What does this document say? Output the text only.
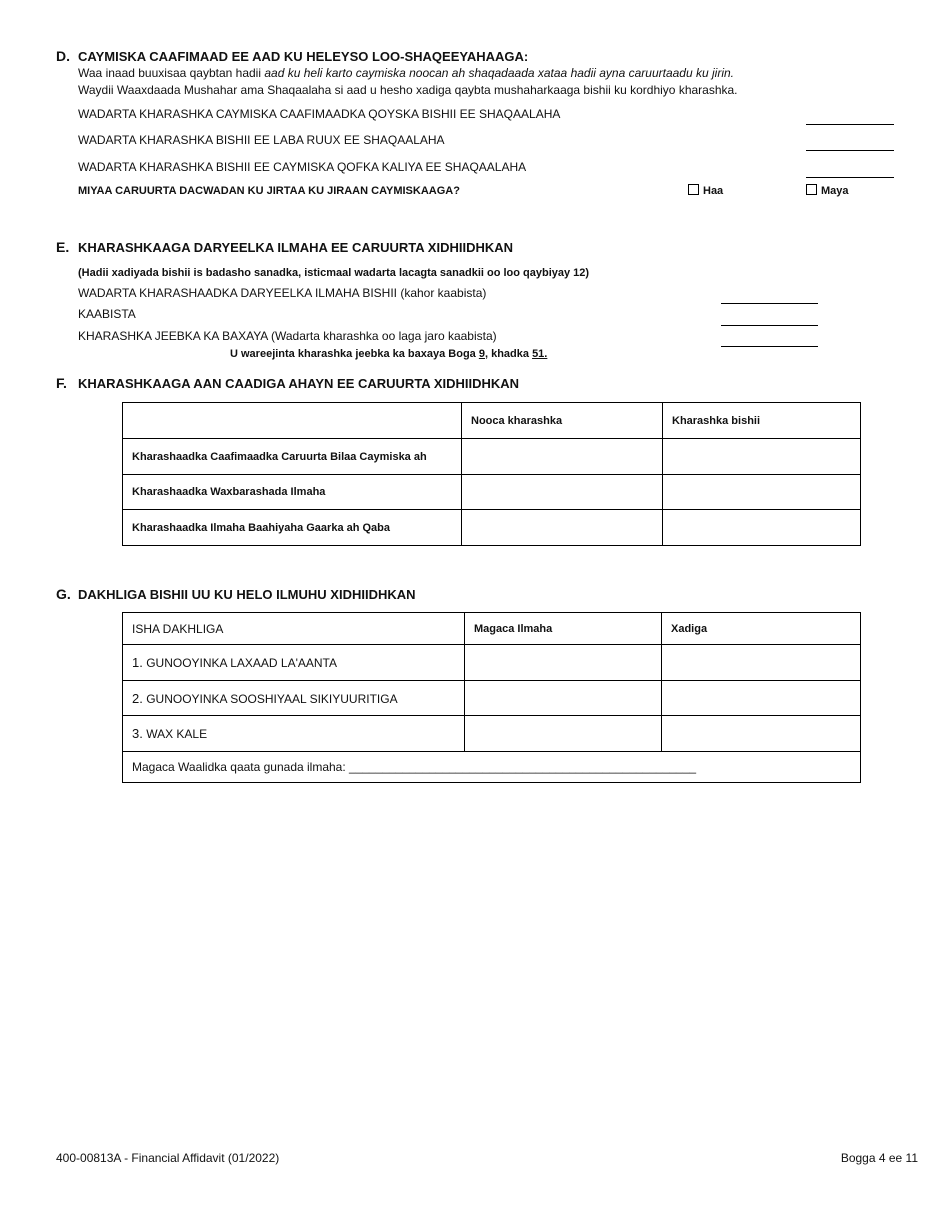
D. CAYMISKA CAAFIMAAD EE AAD KU HELEYSO LOO-SHAQEEYAHAAGA:
Waa inaad buuxisaa qaybtan hadii aad ku heli karto caymiska noocan ah shaqadaada xataa hadii ayna caruurtaadu ku jirin.
Waydii Waaxdaada Mushahar ama Shaqaalaha si aad u hesho xadiga qaybta mushaharkaaga bishii ku kordhiyo kharashka.
WADARTA KHARASHKA CAYMISKA CAAFIMAADKA QOYSKA BISHII EE SHAQAALAHA
WADARTA KHARASHKA BISHII EE LABA RUUX EE SHAQAALAHA
WADARTA KHARASHKA BISHII EE CAYMISKA QOFKA KALIYA EE SHAQAALAHA
MIYAA CARUURTA DACWADAN KU JIRTAA KU JIRAAN CAYMISKAAGA?	Haa	Maya
E. KHARASHKAAGA DARYEELKA ILMAHA EE CARUURTA XIDHIIDHKAN
(Hadii xadiyada bishii is badasho sanadka, isticmaal wadarta lacagta sanadkii oo loo qaybiyay 12)
WADARTA KHARASHAADKA DARYEELKA ILMAHA BISHII (kahor kaabista)
KAABISTA
KHARASHKA JEEBKA KA BAXAYA (Wadarta kharashka oo laga jaro kaabista)
U wareejinta kharashka jeebka ka baxaya Boga 9, khadka 51.
F. KHARASHKAAGA AAN CAADIGA AHAYN EE CARUURTA XIDHIIDHKAN
	Nooca kharashka	Kharashka bishii
Kharashaadka Caafimaadka Caruurta Bilaa Caymiska ah		
Kharashaadka Waxbarashada Ilmaha		
Kharashaadka Ilmaha Baahiyaha Gaarka ah Qaba		
G. DAKHLIGA BISHII UU KU HELO ILMUHU XIDHIIDHKAN
ISHA DAKHLIGA	Magaca Ilmaha	Xadiga
1. GUNOOYINKA LAXAAD LA'AANTA		
2. GUNOOYINKA SOOSHIYAAL SIKIYUURITIGA		
3. WAX KALE		
Magaca Waalidka qaata gunada ilmaha: ____________________________________________________		
400-00813A - Financial Affidavit (01/2022)	Bogga 4 ee 11
